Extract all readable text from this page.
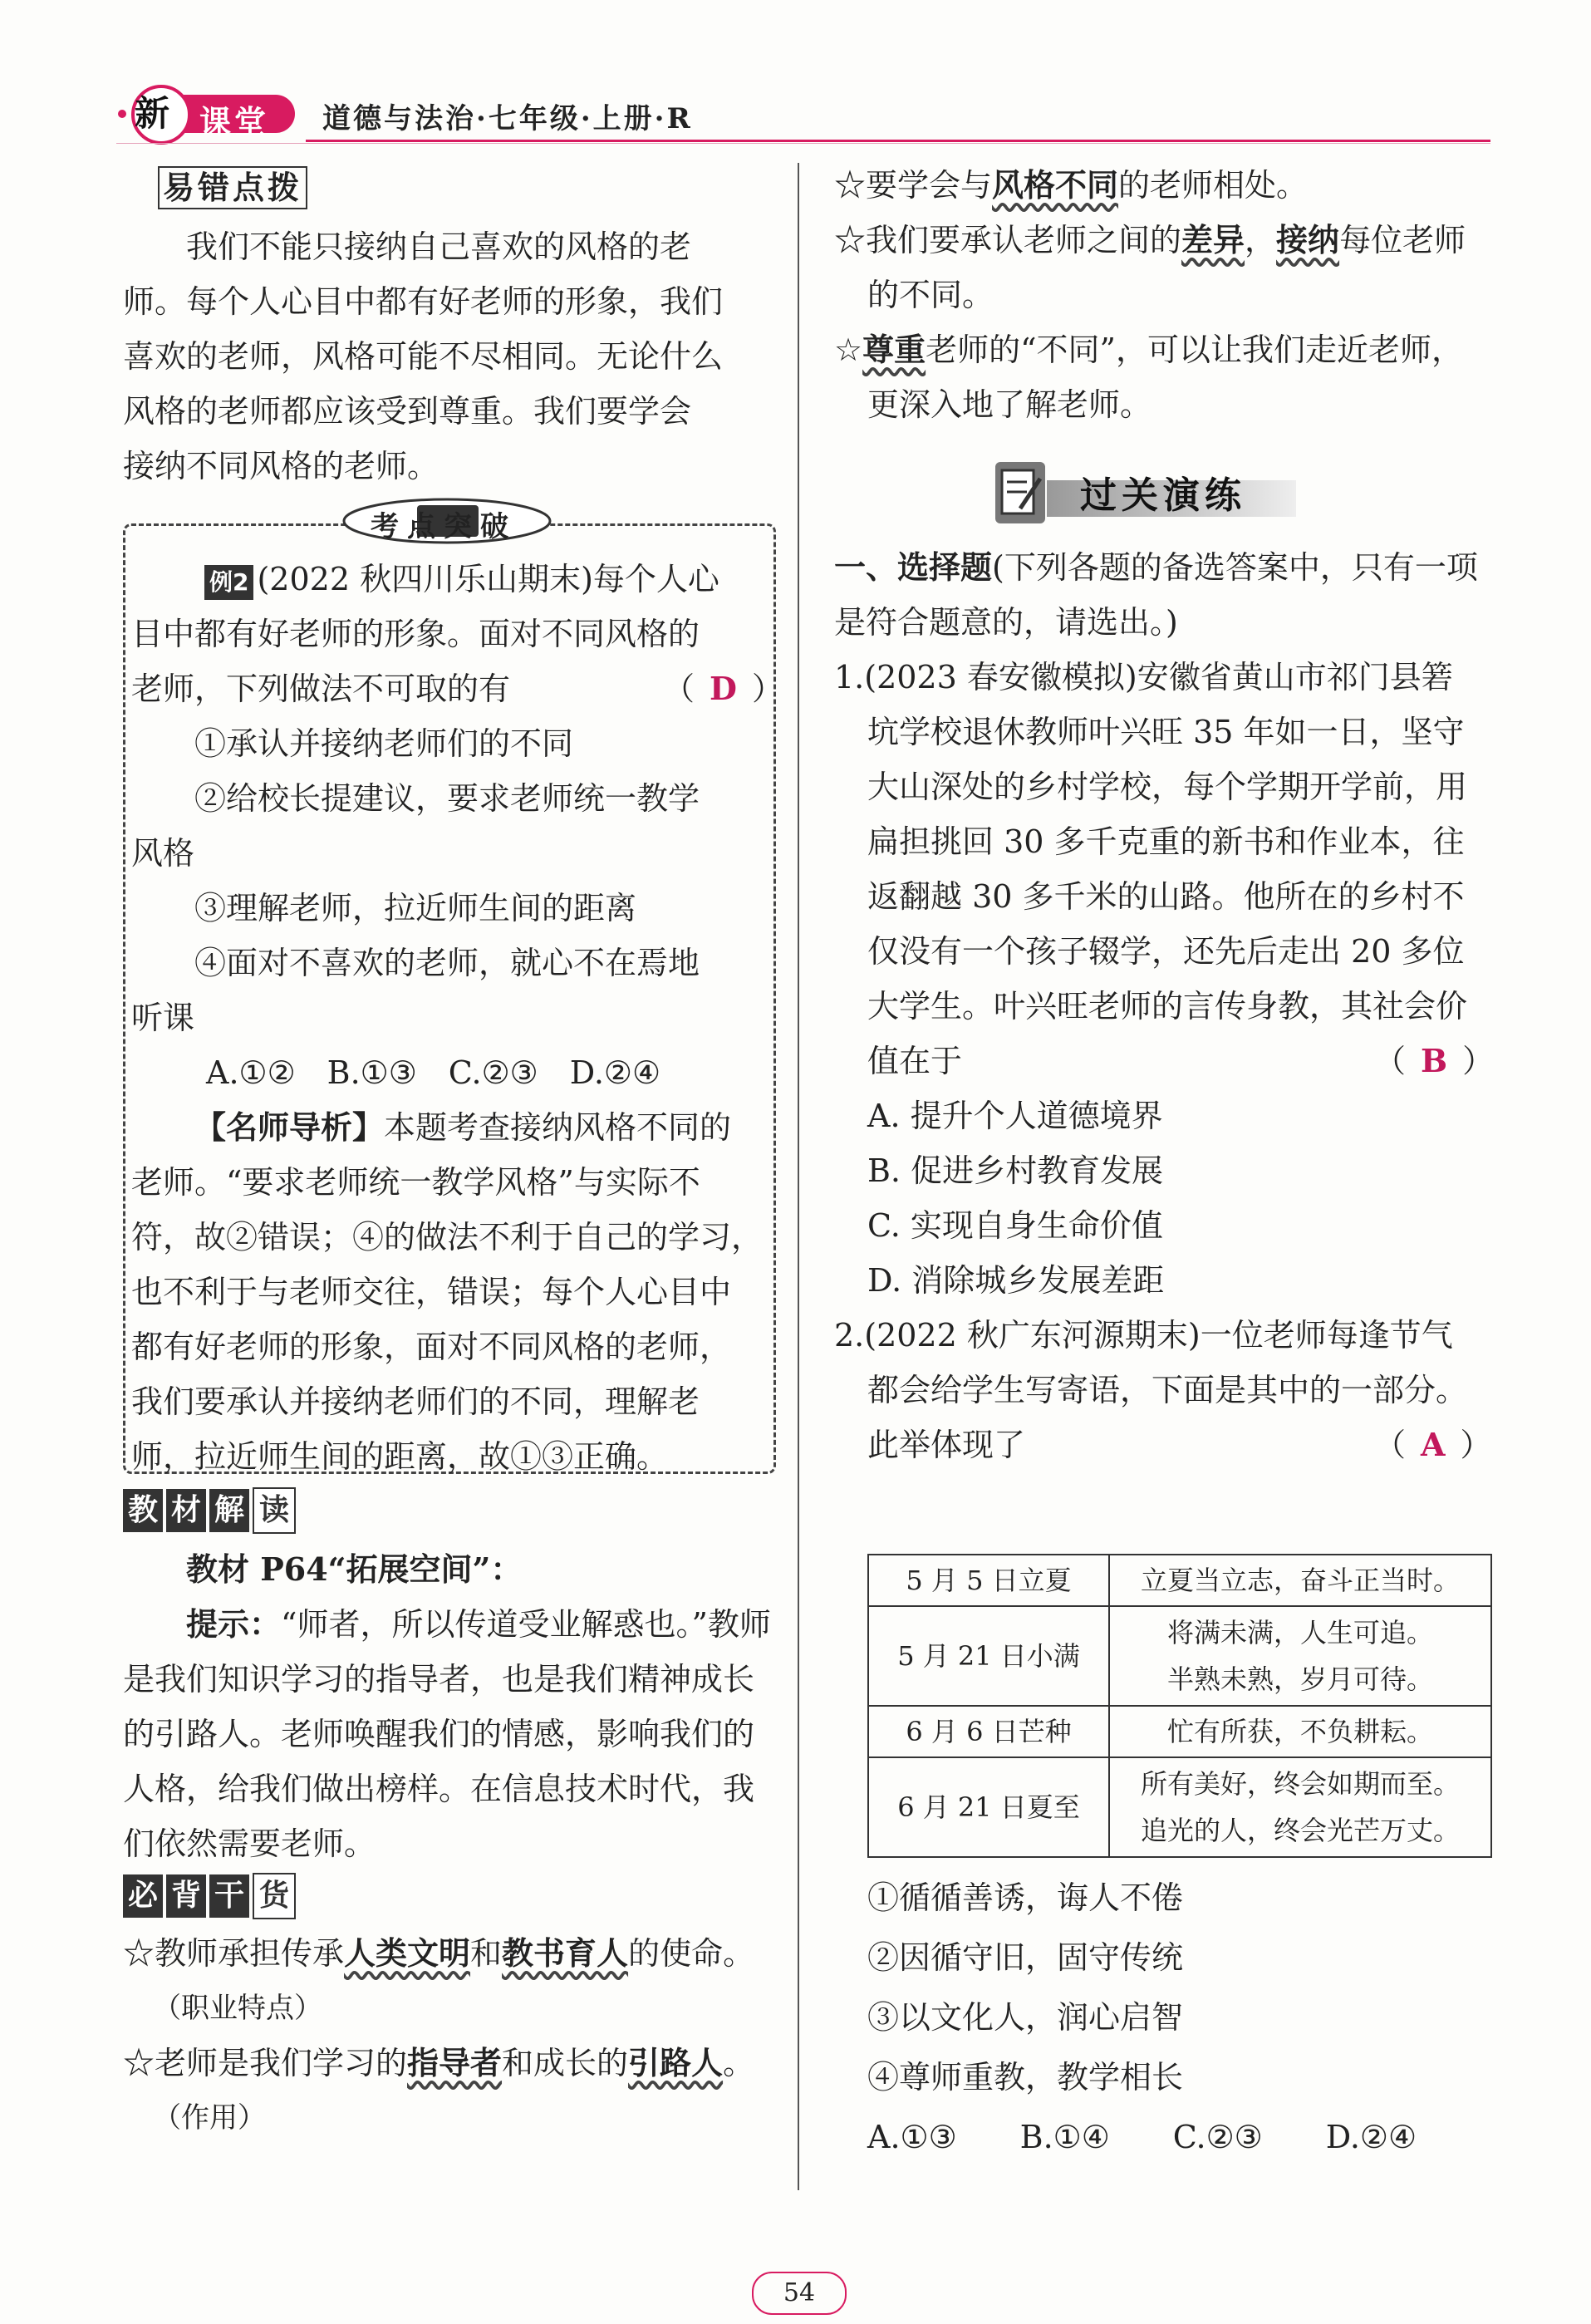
新 课堂 道德与法治·七年级·上册·R
易错点拨
我们不能只接纳自己喜欢的风格的老
师。每个人心目中都有好老师的形象，我们
喜欢的老师，风格可能不尽相同。无论什么
风格的老师都应该受到尊重。我们要学会
接纳不同风格的老师。
考点突破
例2 (2022 秋四川乐山期末)每个人心
目中都有好老师的形象。面对不同风格的
老师，下列做法不可取的有	（ D ）
①承认并接纳老师们的不同
②给校长提建议，要求老师统一教学
风格
③理解老师，拉近师生间的距离
④面对不喜欢的老师，就心不在焉地
听课
A.①②　B.①③　C.②③　D.②④
【名师导析】本题考查接纳风格不同的
老师。“要求老师统一教学风格”与实际不
符，故②错误；④的做法不利于自己的学习，
也不利于与老师交往，错误；每个人心目中
都有好老师的形象，面对不同风格的老师，
我们要承认并接纳老师们的不同，理解老
师，拉近师生间的距离，故①③正确。
教 材 解 读
教材 P64“拓展空间”：
提示：“师者，所以传道受业解惑也。”教师
是我们知识学习的指导者，也是我们精神成长
的引路人。老师唤醒我们的情感，影响我们的
人格，给我们做出榜样。在信息技术时代，我
们依然需要老师。
必 背 干 货
☆教师承担传承人类文明和教书育人的使命。
（职业特点）
☆老师是我们学习的指导者和成长的引路人。
（作用）
☆要学会与风格不同的老师相处。
☆我们要承认老师之间的差异，接纳每位老师
的不同。
☆尊重老师的“不同”，可以让我们走近老师，
更深入地了解老师。
过关演练
一、选择题(下列各题的备选答案中，只有一项
是符合题意的，请选出。)
1.(2023 春安徽模拟)安徽省黄山市祁门县箬
坑学校退休教师叶兴旺 35 年如一日，坚守
大山深处的乡村学校，每个学期开学前，用
扁担挑回 30 多千克重的新书和作业本，往
返翻越 30 多千米的山路。他所在的乡村不
仅没有一个孩子辍学，还先后走出 20 多位
大学生。叶兴旺老师的言传身教，其社会价
值在于	（ B ）
A. 提升个人道德境界
B. 促进乡村教育发展
C. 实现自身生命价值
D. 消除城乡发展差距
2.(2022 秋广东河源期末)一位老师每逢节气
都会给学生写寄语，下面是其中的一部分。
此举体现了	（ A ）
5 月 5 日立夏	立夏当立志，奋斗正当时。
5 月 21 日小满	将满未满，人生可追。
半熟未熟，岁月可待。

6 月 6 日芒种	忙有所获，不负耕耘。
6 月 21 日夏至	所有美好，终会如期而至。
追光的人，终会光芒万丈。
①循循善诱，诲人不倦
②因循守旧，固守传统
③以文化人，润心启智
④尊师重教，教学相长
A.①③　　B.①④　　C.②③　　D.②④
54
